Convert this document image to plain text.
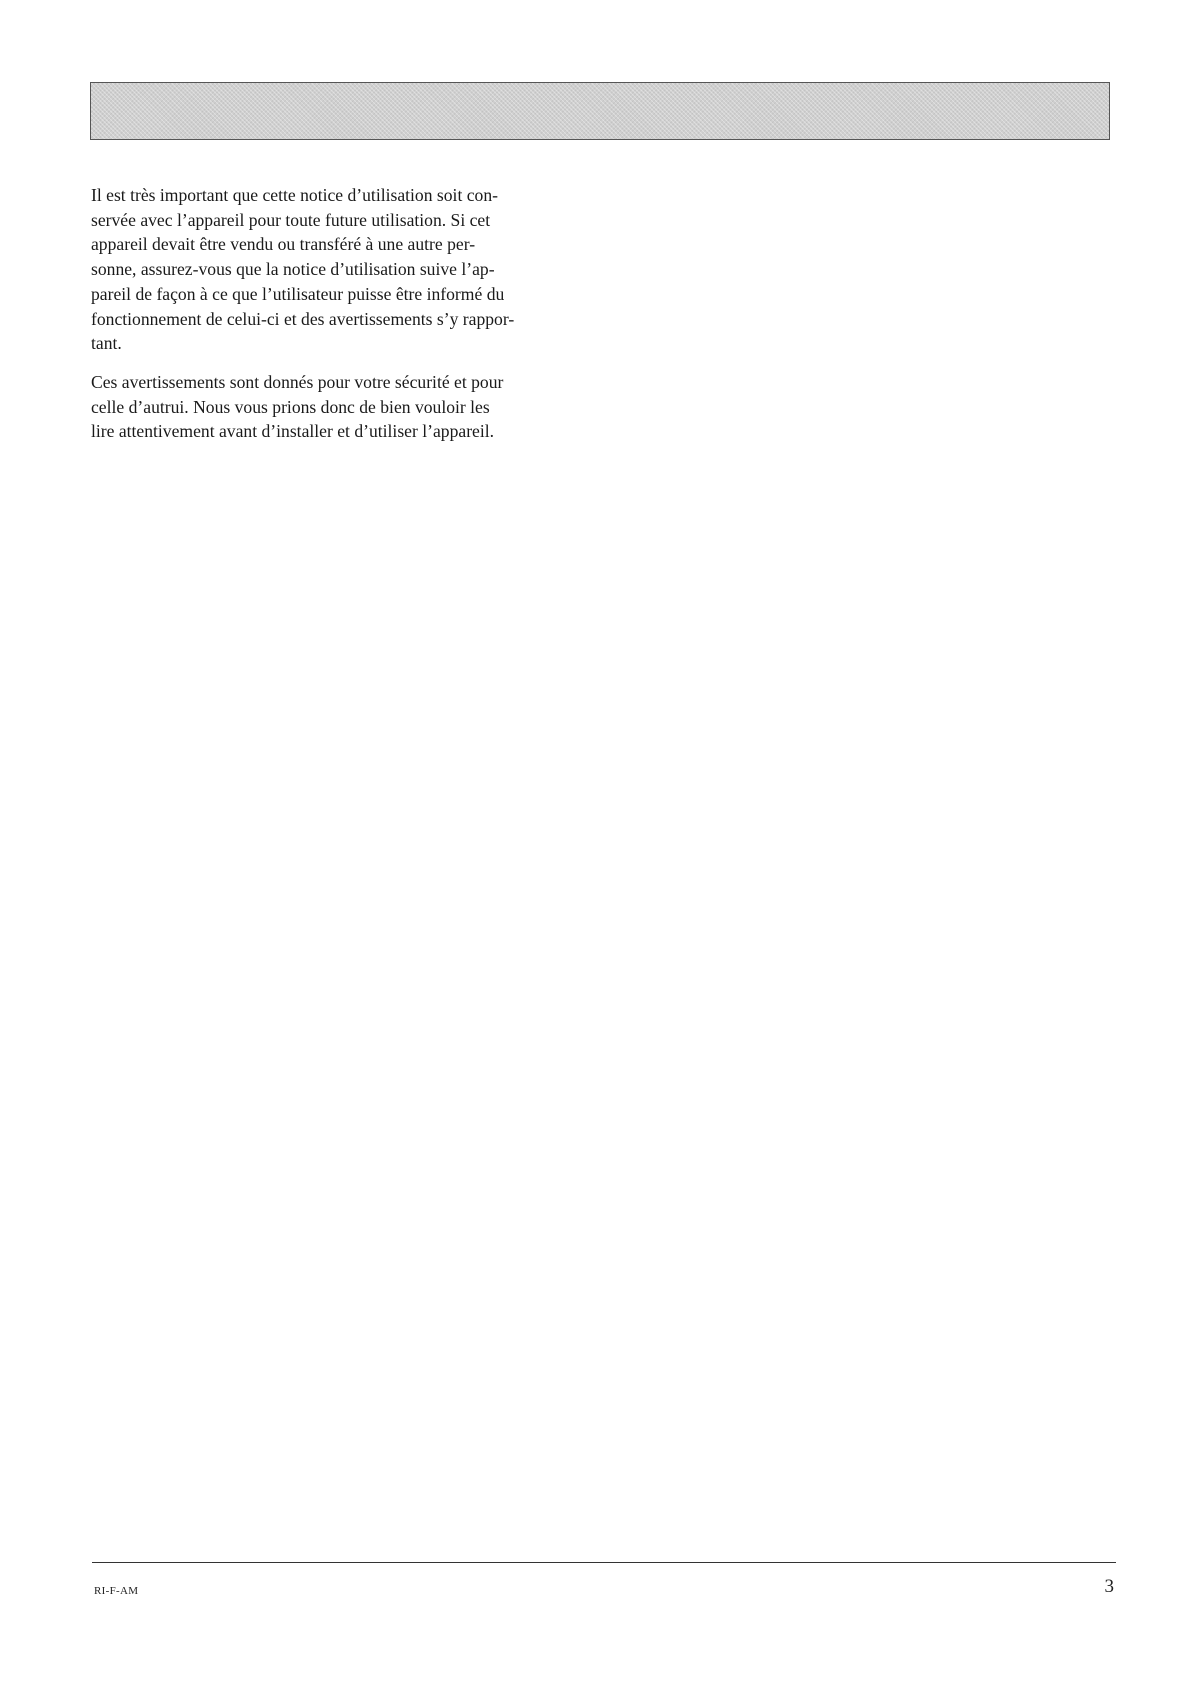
Il est très important que cette notice d’utilisation soit con-
servée avec l’appareil pour toute future utilisation. Si cet
appareil devait être vendu ou transféré à une autre per-
sonne, assurez-vous que la notice d’utilisation suive l’ap-
pareil de façon à ce que l’utilisateur puisse être informé du
fonctionnement de celui-ci et des avertissements s’y rappor-
tant.

Ces avertissements sont donnés pour votre sécurité et pour
celle d’autrui. Nous vous prions donc de bien vouloir les
lire attentivement avant d’installer et d’utiliser l’appareil.

RI-F-AM	3
